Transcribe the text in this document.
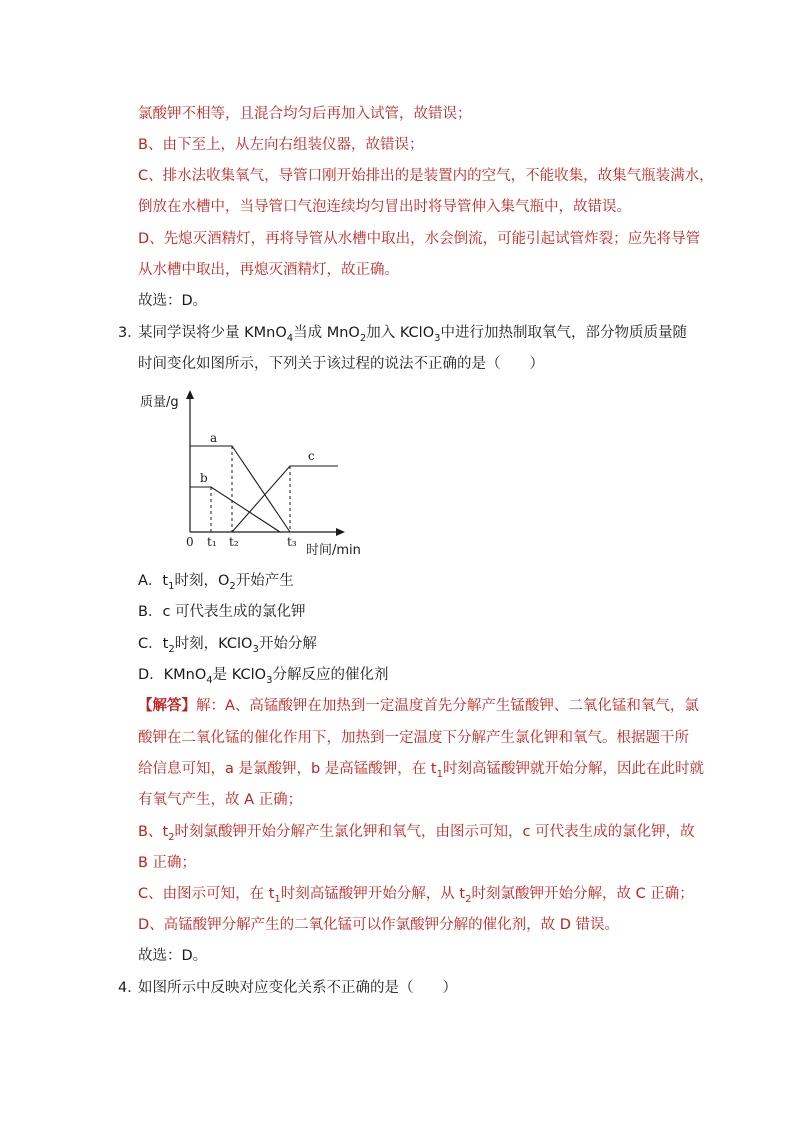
氯酸钾不相等，且混合均匀后再加入试管，故错误；
B、由下至上，从左向右组装仪器，故错误；
C、排水法收集氧气，导管口刚开始排出的是装置内的空气，不能收集，故集气瓶装满水，
倒放在水槽中，当导管口气泡连续均匀冒出时将导管伸入集气瓶中，故错误。
D、先熄灭酒精灯，再将导管从水槽中取出，水会倒流，可能引起试管炸裂；应先将导管
从水槽中取出，再熄灭酒精灯，故正确。
故选：D。
3．
某同学误将少量 KMnO$_4$当成 MnO$_2$加入 KClO$_3$中进行加热制取氧气，部分物质质量随
时间变化如图所示，下列关于该过程的说法不正确的是（　　）
质量/g
0
时间/min
a
b
c
t₁ t₂	t₃
A．$t_1$时刻，$O_2$开始产生
B．c 可代表生成的氯化钾
C．$t_2$时刻，KClO$_3$开始分解
D．KMnO$_4$是 KClO$_3$分解反应的催化剂
【解答】解：A、高锰酸钾在加热到一定温度首先分解产生锰酸钾、二氧化锰和氧气，氯
酸钾在二氧化锰的催化作用下，加热到一定温度下分解产生氯化钾和氧气。根据题干所
给信息可知，a 是氯酸钾，b 是高锰酸钾，在 $t_1$时刻高锰酸钾就开始分解，因此在此时就
有氧气产生，故 A 正确；
B、$t_2$时刻氯酸钾开始分解产生氯化钾和氧气，由图示可知，c 可代表生成的氯化钾，故
B 正确；
C、由图示可知，在 $t_1$时刻高锰酸钾开始分解，从 $t_2$时刻氯酸钾开始分解，故 C 正确；
D、高锰酸钾分解产生的二氧化锰可以作氯酸钾分解的催化剂，故 D 错误。
故选：D。
4．
如图所示中反映对应变化关系不正确的是（　　）
